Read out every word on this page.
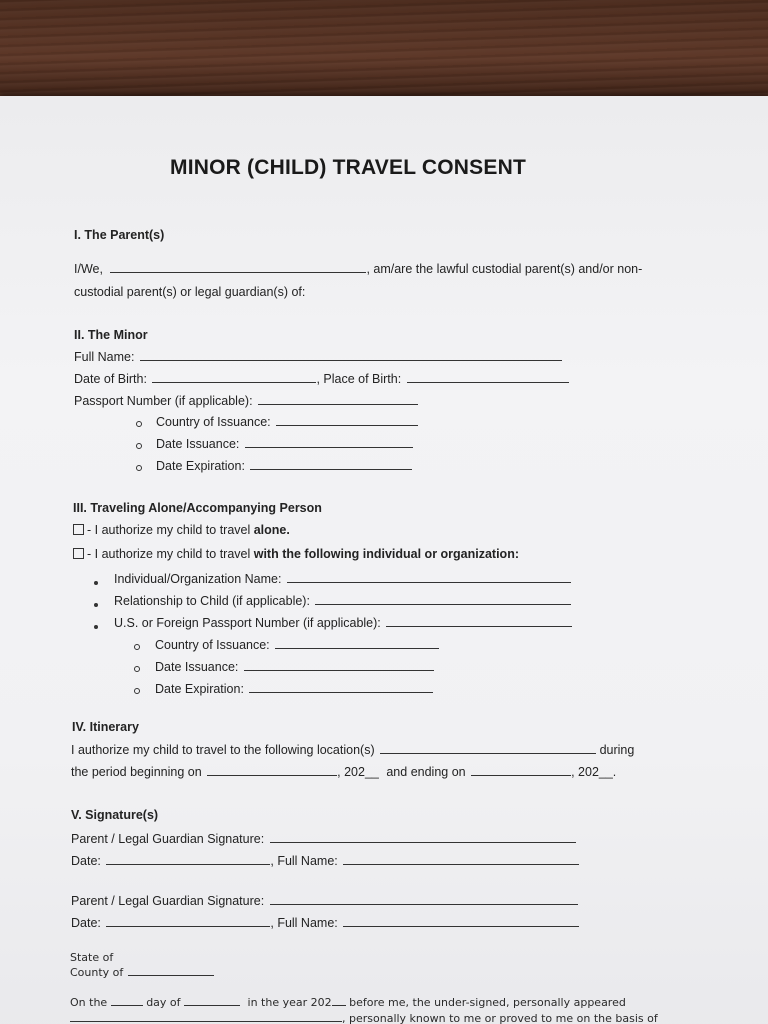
MINOR (CHILD) TRAVEL CONSENT
I. The Parent(s)
I/We,	, am/are the lawful custodial parent(s) and/or non-
custodial parent(s) or legal guardian(s) of:
II. The Minor
Full Name:
Date of Birth:	, Place of Birth:
Passport Number (if applicable):
Country of Issuance:
Date Issuance:
Date Expiration:
III. Traveling Alone/Accompanying Person
- I authorize my child to travel alone.
- I authorize my child to travel with the following individual or organization:
Individual/Organization Name:
Relationship to Child (if applicable):
U.S. or Foreign Passport Number (if applicable):
Country of Issuance:
Date Issuance:
Date Expiration:
IV. Itinerary
I authorize my child to travel to the following location(s)	during
the period beginning on	, 202__ and ending on	, 202__.
V. Signature(s)
Parent / Legal Guardian Signature:
Date:	, Full Name:
Parent / Legal Guardian Signature:
Date:	, Full Name:
State of
County of
On the	day of	in the year 202 before me, the under-signed, personally appeared
, personally known to me or proved to me on the basis of
